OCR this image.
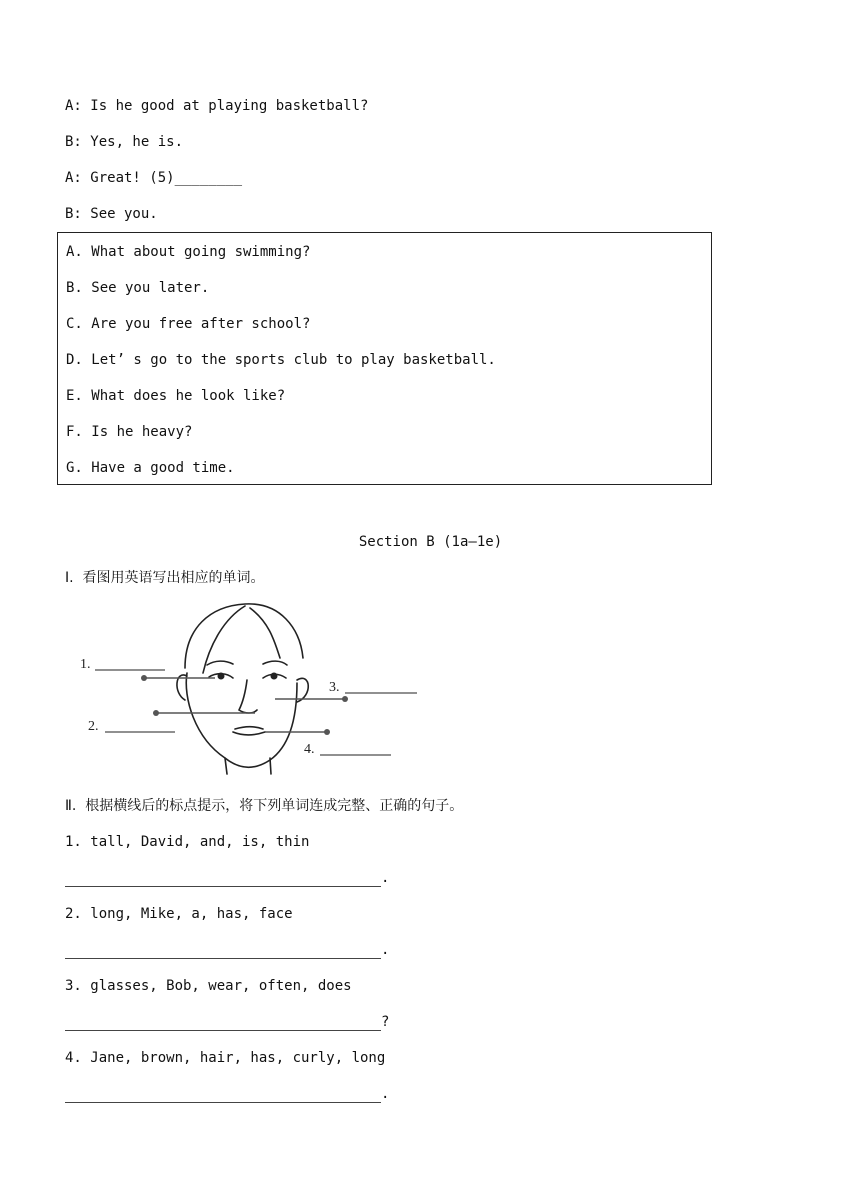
A: Is he good at playing basketball?
B: Yes, he is.
A: Great! (5)________
B: See you.
A. What about going swimming?
B. See you later.
C. Are you free after school?
D. Let’ s go to the sports club to play basketball.
E. What does he look like?
F. Is he heavy?
G. Have a good time.
Section B (1a—1e)
Ⅰ.  看图用英语写出相应的单词。
1.
2.
3.
4.
Ⅱ.  根据横线后的标点提示，将下列单词连成完整、正确的句子。
1. tall, David, and, is, thin
.
2. long, Mike, a, has, face
.
3. glasses, Bob, wear, often, does
?
4. Jane, brown, hair, has, curly, long
.
